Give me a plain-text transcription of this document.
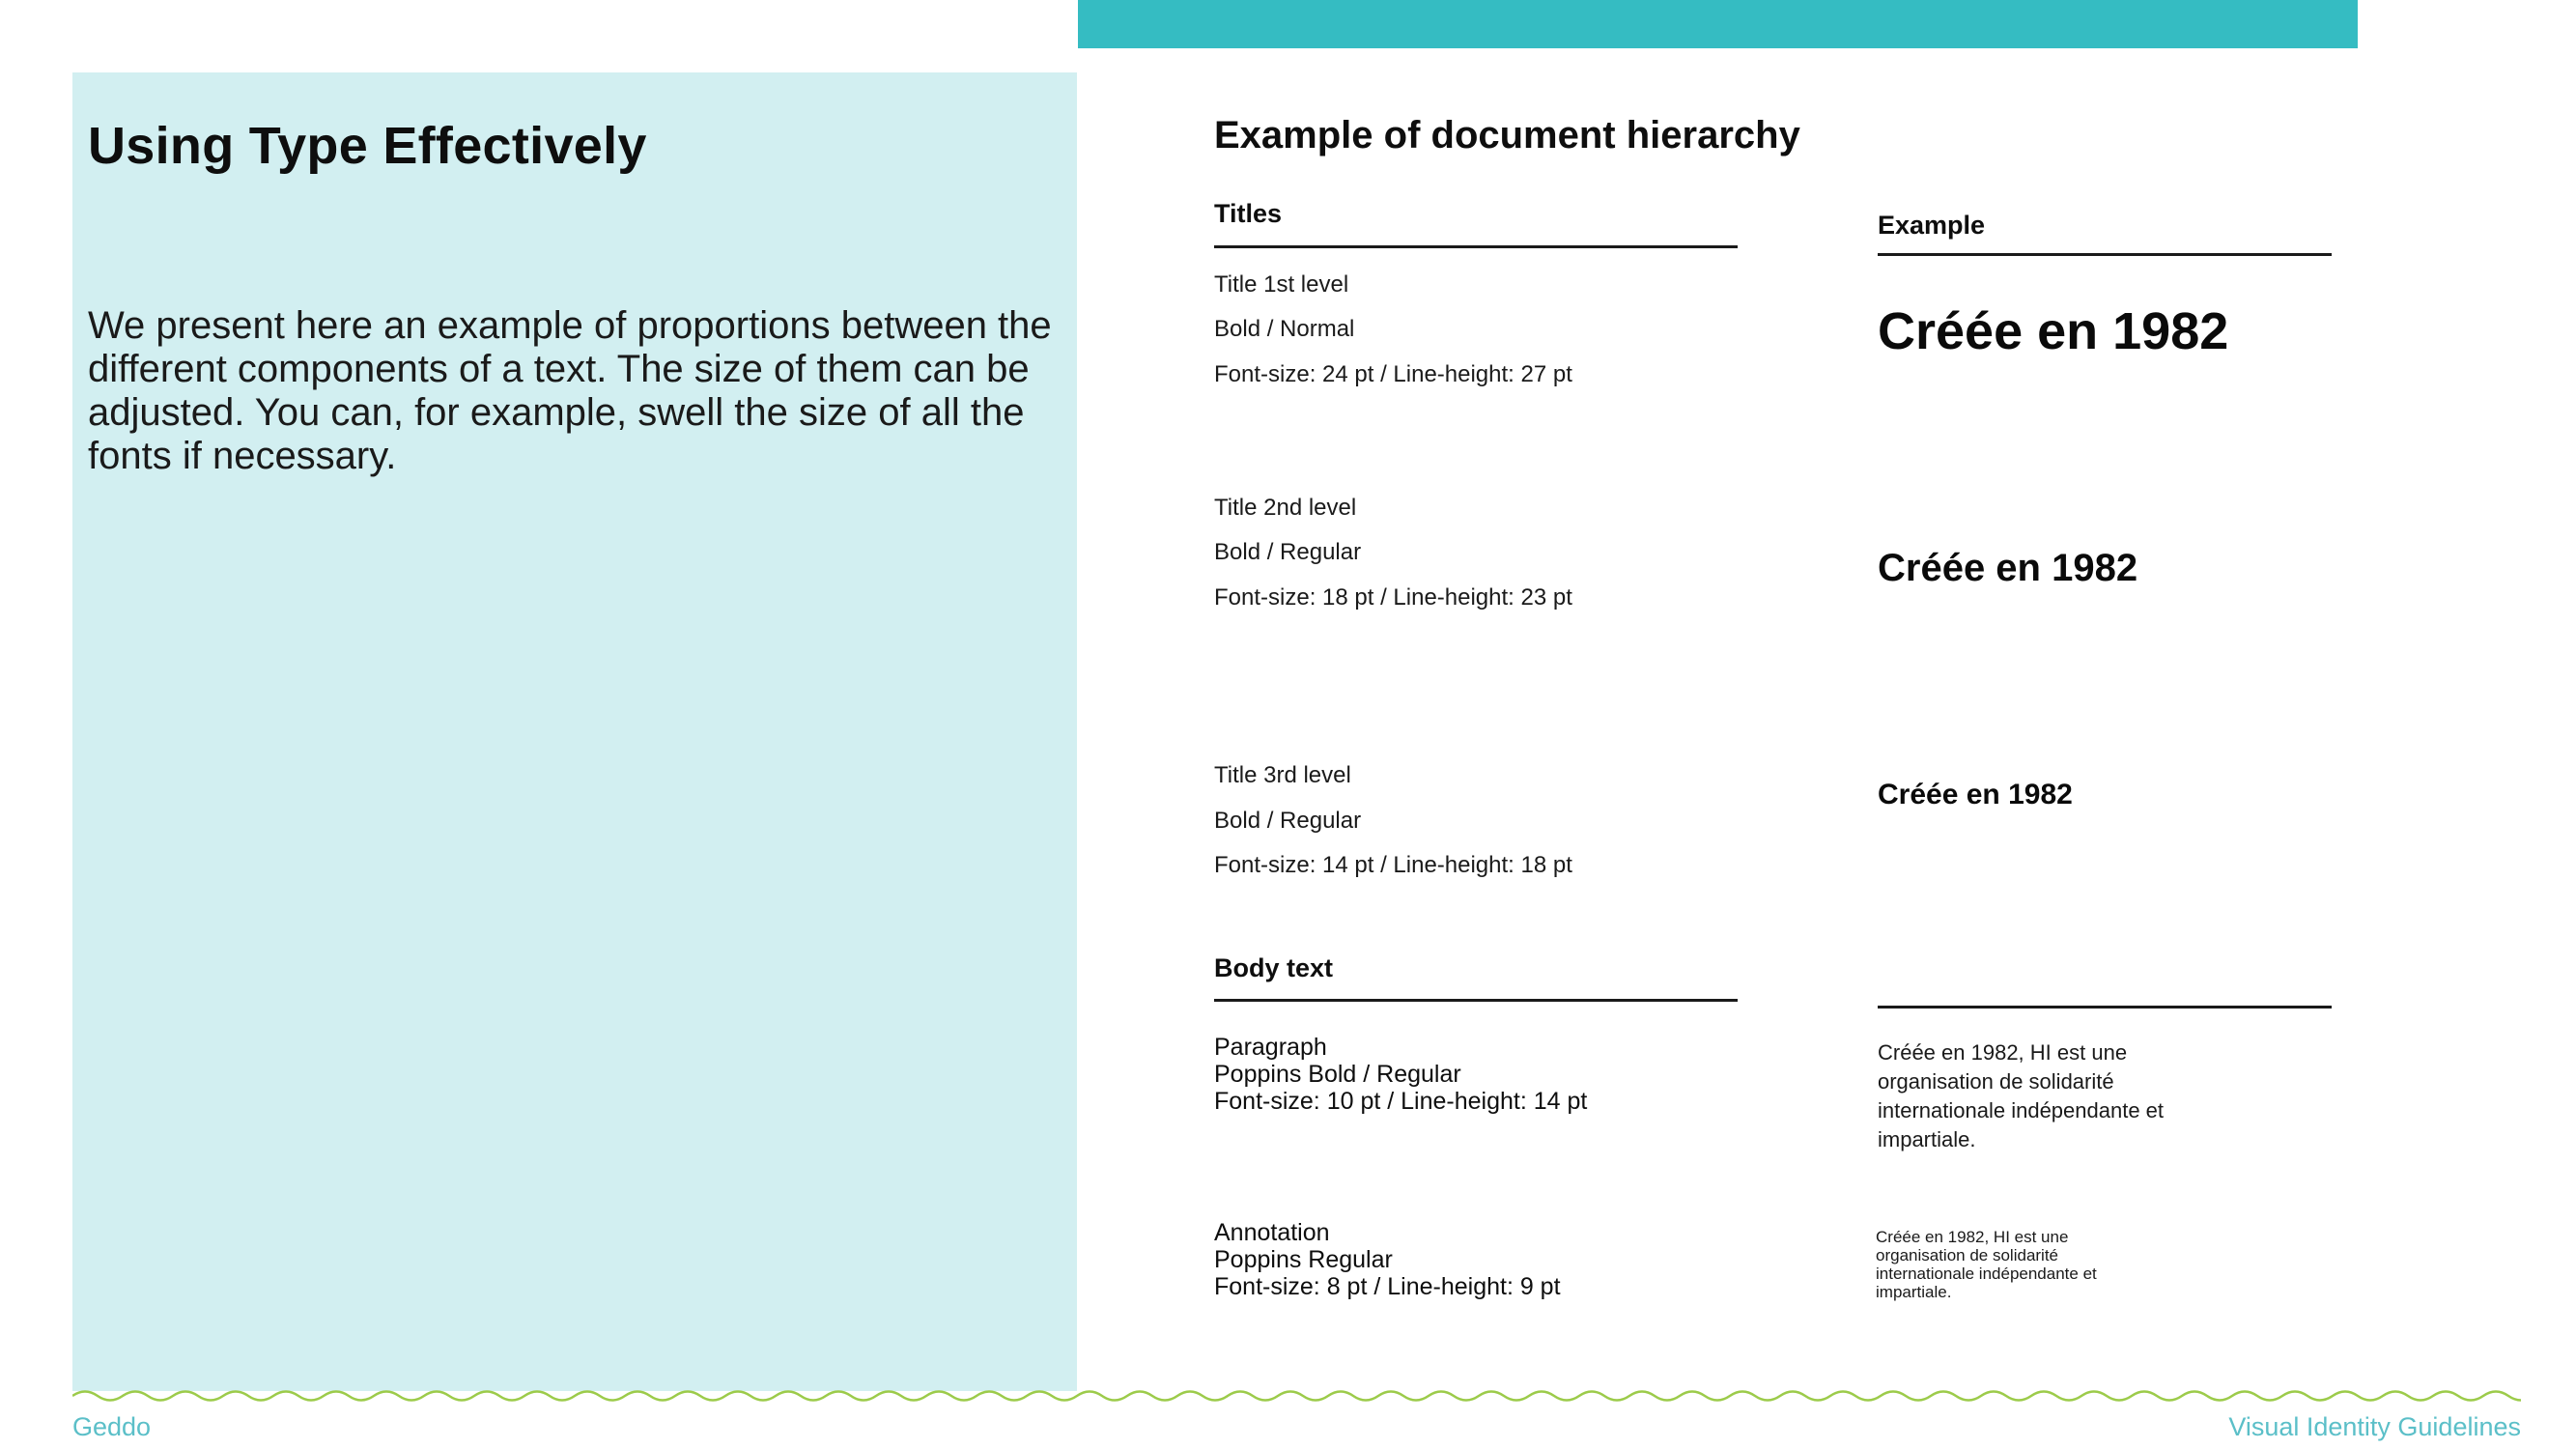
Using Type Effectively

We present here an example of proportions between the different components of a text. The size of them can be adjusted. You can, for example, swell the size of all the fonts if necessary.

Example of document hierarchy
Titles	Example
Title 1st level
Bold / Normal
Font-size: 24 pt / Line-height: 27 pt
Créée en 1982
Title 2nd level
Bold / Regular
Font-size: 18 pt / Line-height: 23 pt
Créée en 1982
Title 3rd level
Bold / Regular
Font-size: 14 pt / Line-height: 18 pt
Créée en 1982
Body text
Paragraph
Poppins Bold / Regular
Font-size: 10 pt / Line-height: 14 pt
Créée en 1982, HI est une organisation de solidarité internationale indépendante et impartiale.
Annotation
Poppins Regular
Font-size: 8 pt / Line-height: 9 pt
Créée en 1982, HI est une organisation de solidarité internationale indépendante et impartiale.
Geddo	Visual Identity Guidelines
